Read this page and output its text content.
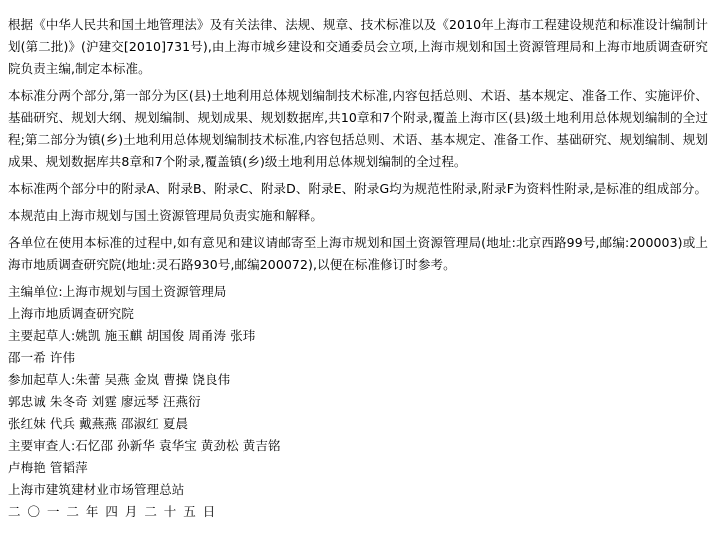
根据《中华人民共和国土地管理法》及有关法律、法规、规章、技术标准以及《2010年上海市工程建设规范和标准设计编制计划(第二批)》(沪建交[2010]731号),由上海市城乡建设和交通委员会立项,上海市规划和国土资源管理局和上海市地质调查研究院负责主编,制定本标准。

本标准分两个部分,第一部分为区(县)土地利用总体规划编制技术标准,内容包括总则、术语、基本规定、准备工作、实施评价、基础研究、规划大纲、规划编制、规划成果、规划数据库,共10章和7个附录,覆盖上海市区(县)级土地利用总体规划编制的全过程;第二部分为镇(乡)土地利用总体规划编制技术标准,内容包括总则、术语、基本规定、准备工作、基础研究、规划编制、规划成果、规划数据库共8章和7个附录,覆盖镇(乡)级土地利用总体规划编制的全过程。

本标准两个部分中的附录A、附录B、附录C、附录D、附录E、附录G均为规范性附录,附录F为资料性附录,是标准的组成部分。

本规范由上海市规划与国土资源管理局负责实施和解释。

各单位在使用本标准的过程中,如有意见和建议请邮寄至上海市规划和国土资源管理局(地址:北京西路99号,邮编:200003)或上海市地质调查研究院(地址:灵石路930号,邮编200072),以便在标准修订时参考。

主编单位:上海市规划与国土资源管理局

上海市地质调查研究院

主要起草人:姚凯 施玉麒 胡国俊 周甬涛 张玮

邵一希 许伟

参加起草人:朱蕾 吴燕 金岚 曹操 饶良伟

郭忠诚 朱冬奇 刘霆 廖远琴 汪燕衍

张红妹 代兵 戴燕燕 邵淑红 夏晨

主要审查人:石忆邵 孙新华 袁华宝 黄劲松 黄吉铭

卢梅艳 管韬萍

上海市建筑建材业市场管理总站

二 〇 一 二 年 四 月 二 十 五 日
